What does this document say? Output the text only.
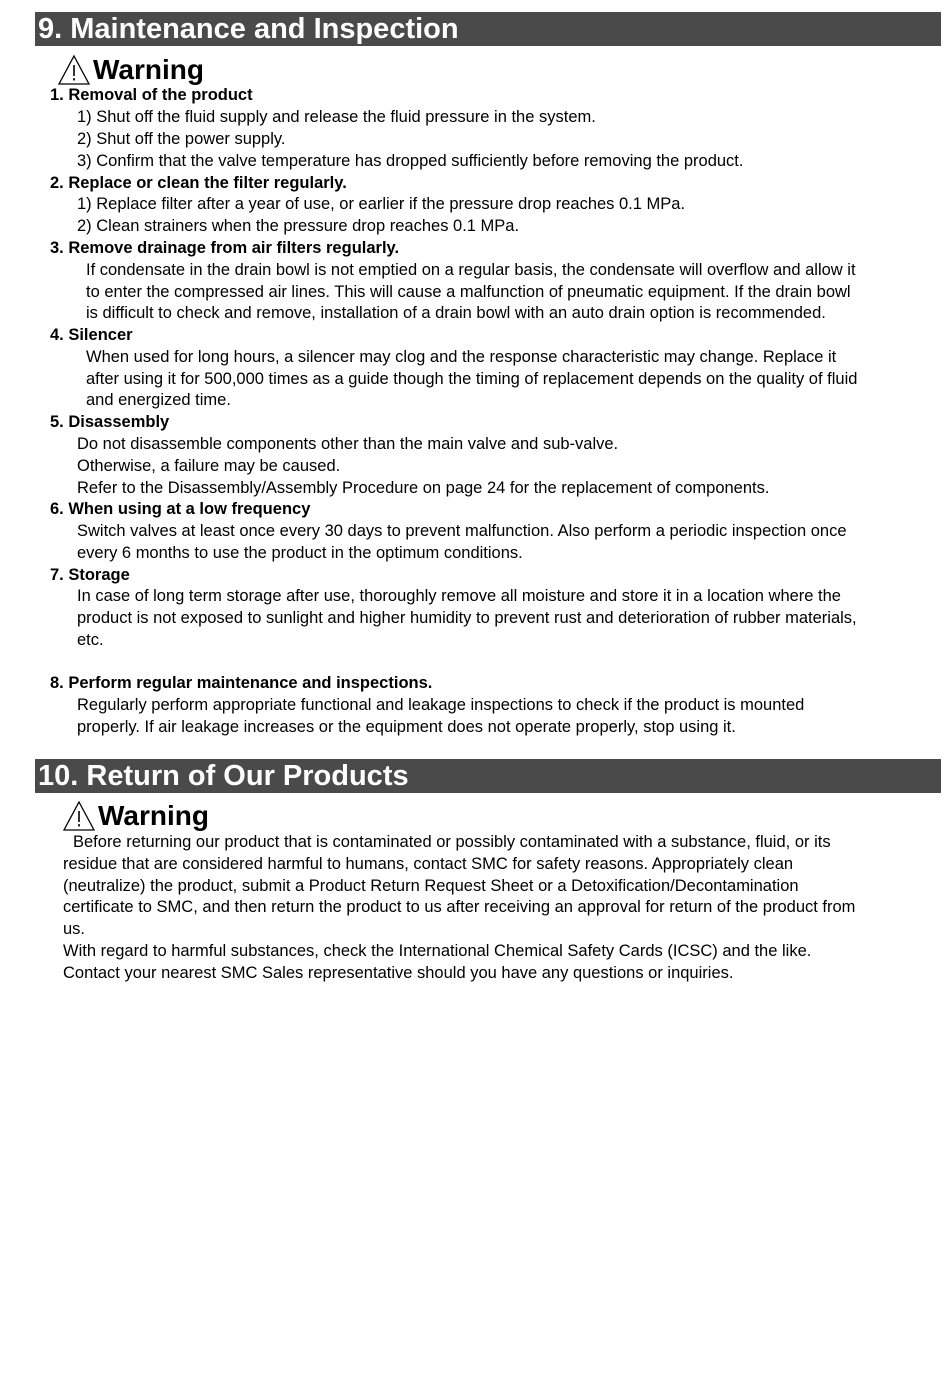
9. Maintenance and Inspection
Warning
1. Removal of the product
1) Shut off the fluid supply and release the fluid pressure in the system.
2) Shut off the power supply.
3) Confirm that the valve temperature has dropped sufficiently before removing the product.
2. Replace or clean the filter regularly.
1) Replace filter after a year of use, or earlier if the pressure drop reaches 0.1 MPa.
2) Clean strainers when the pressure drop reaches 0.1 MPa.
3. Remove drainage from air filters regularly.
If condensate in the drain bowl is not emptied on a regular basis, the condensate will overflow and allow it
to enter the compressed air lines. This will cause a malfunction of pneumatic equipment. If the drain bowl
is difficult to check and remove, installation of a drain bowl with an auto drain option is recommended.
4. Silencer
When used for long hours, a silencer may clog and the response characteristic may change. Replace it
after using it for 500,000 times as a guide though the timing of replacement depends on the quality of fluid
and energized time.
5. Disassembly
Do not disassemble components other than the main valve and sub-valve.
Otherwise, a failure may be caused.
Refer to the Disassembly/Assembly Procedure on page 24 for the replacement of components.
6. When using at a low frequency
Switch valves at least once every 30 days to prevent malfunction. Also perform a periodic inspection once
every 6 months to use the product in the optimum conditions.
7. Storage
In case of long term storage after use, thoroughly remove all moisture and store it in a location where the
product is not exposed to sunlight and higher humidity to prevent rust and deterioration of rubber materials,
etc.
8. Perform regular maintenance and inspections.
Regularly perform appropriate functional and leakage inspections to check if the product is mounted
properly. If air leakage increases or the equipment does not operate properly, stop using it.
10. Return of Our Products
Warning
Before returning our product that is contaminated or possibly contaminated with a substance, fluid, or its
residue that are considered harmful to humans, contact SMC for safety reasons. Appropriately clean
(neutralize) the product, submit a Product Return Request Sheet or a Detoxification/Decontamination
certificate to SMC, and then return the product to us after receiving an approval for return of the product from
us.
With regard to harmful substances, check the International Chemical Safety Cards (ICSC) and the like.
Contact your nearest SMC Sales representative should you have any questions or inquiries.
